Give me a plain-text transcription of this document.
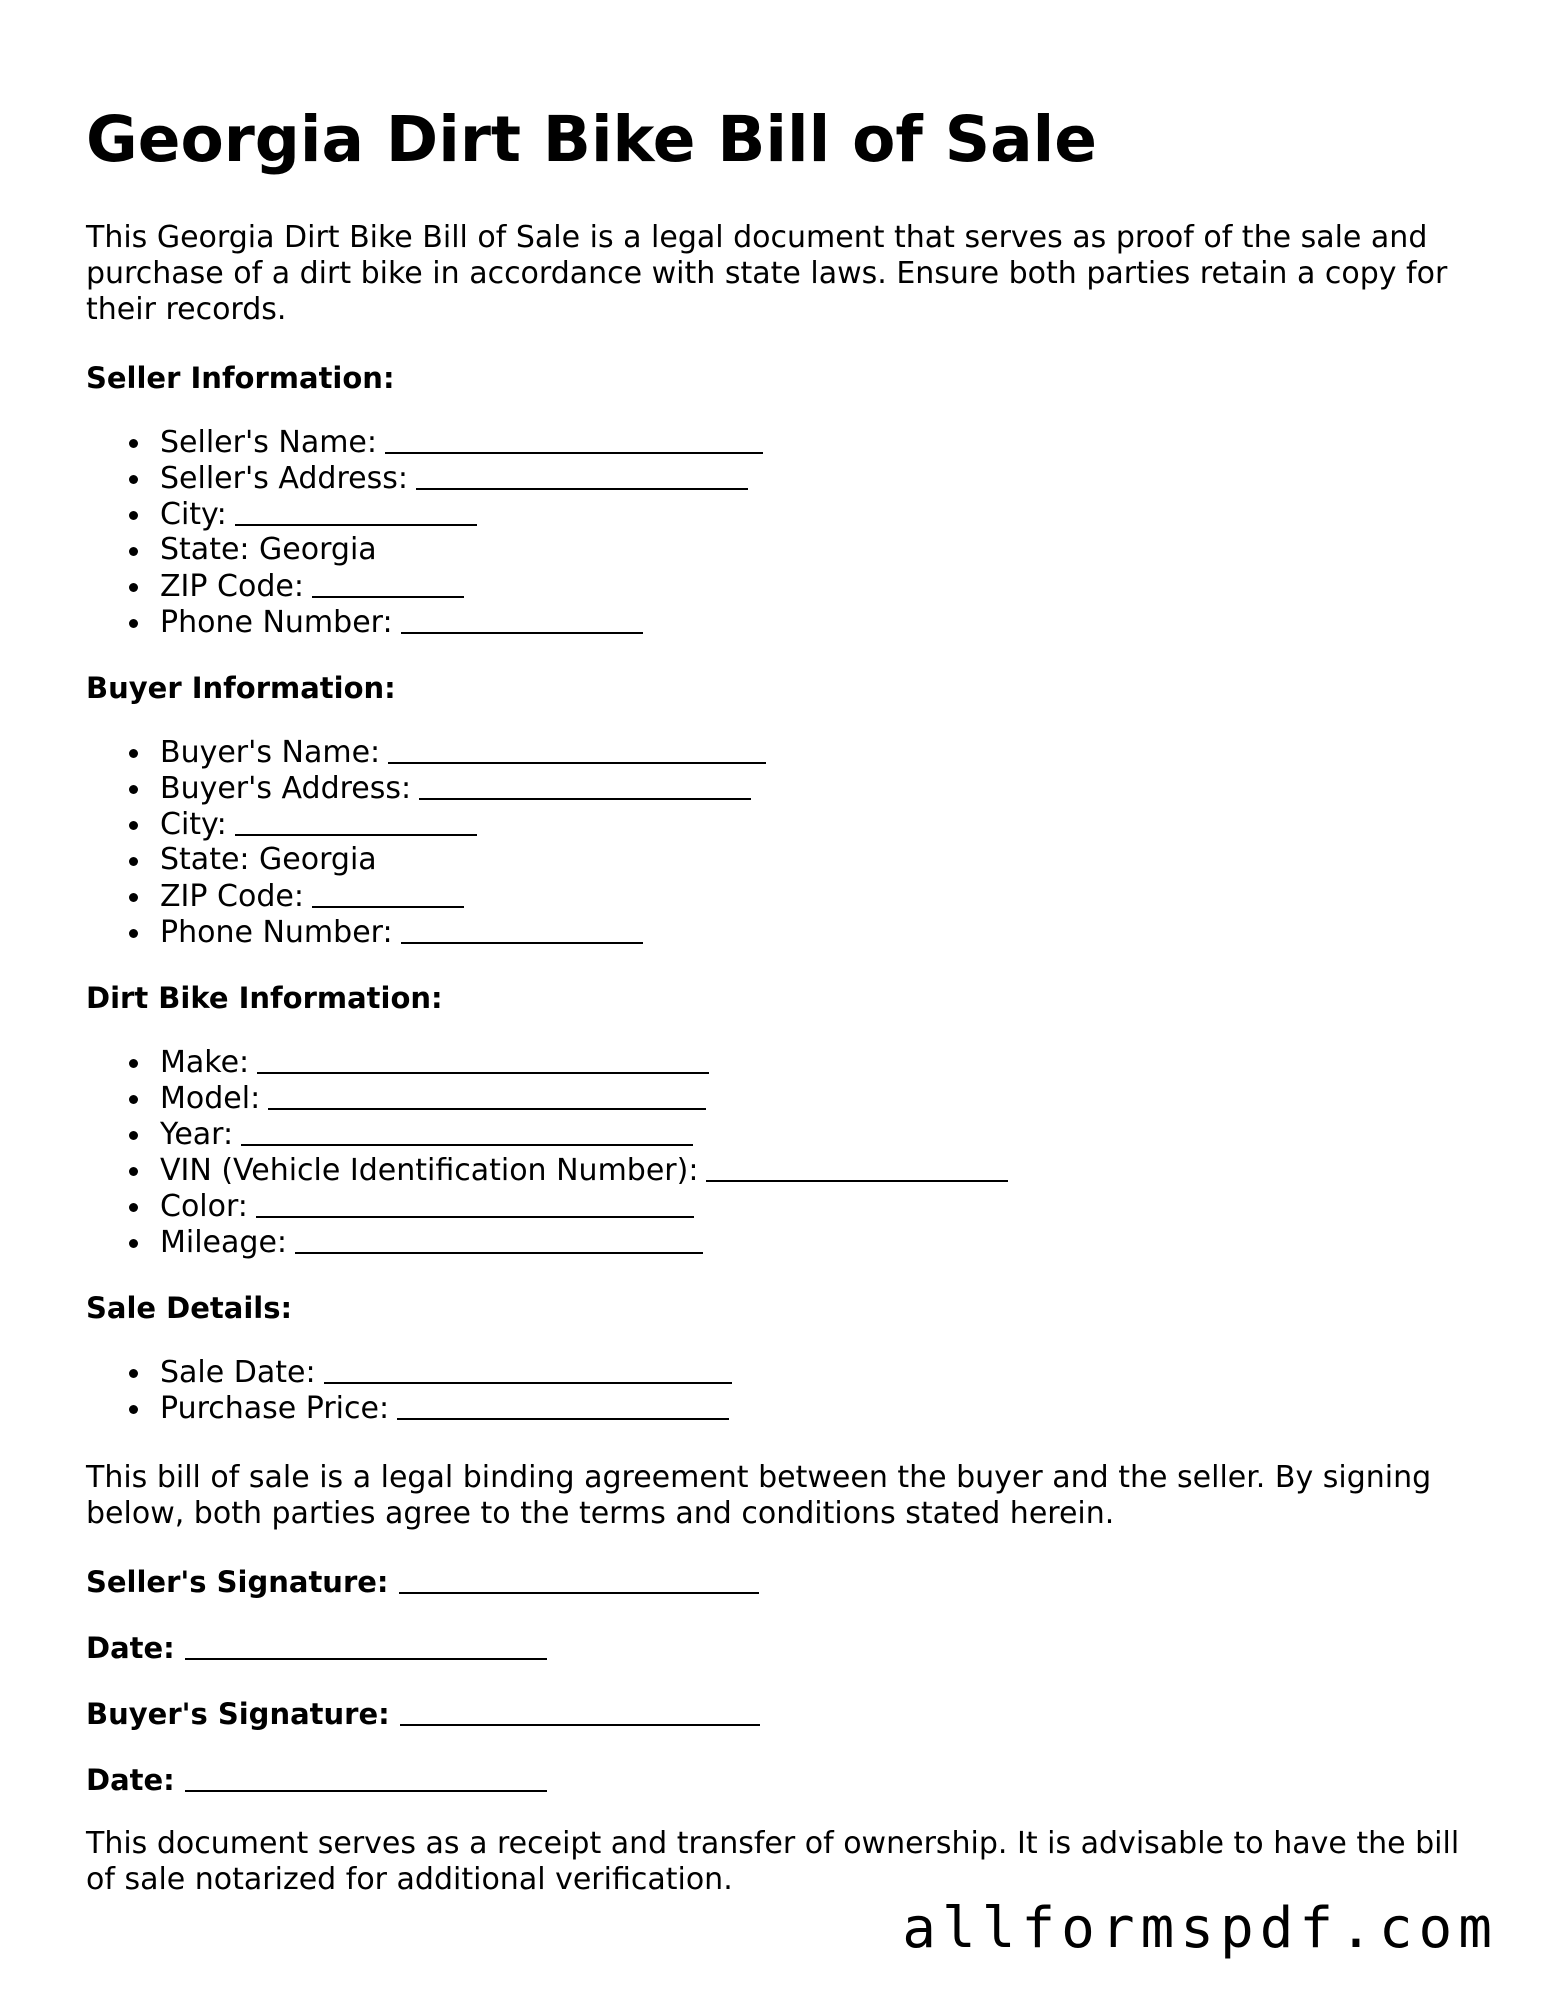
Georgia Dirt Bike Bill of Sale

This Georgia Dirt Bike Bill of Sale is a legal document that serves as proof of the sale and purchase of a dirt bike in accordance with state laws. Ensure both parties retain a copy for their records.

Seller Information:
Seller's Name:
Seller's Address:
City:
State: Georgia
ZIP Code:
Phone Number:
Buyer Information:
Buyer's Name:
Buyer's Address:
City:
State: Georgia
ZIP Code:
Phone Number:
Dirt Bike Information:
Make:
Model:
Year:
VIN (Vehicle Identification Number):
Color:
Mileage:
Sale Details:
Sale Date:
Purchase Price:

This bill of sale is a legal binding agreement between the buyer and the seller. By signing below, both parties agree to the terms and conditions stated herein.

Seller's Signature:
Date:
Buyer's Signature:
Date:

This document serves as a receipt and transfer of ownership. It is advisable to have the bill of sale notarized for additional verification.

allformspdf.com
